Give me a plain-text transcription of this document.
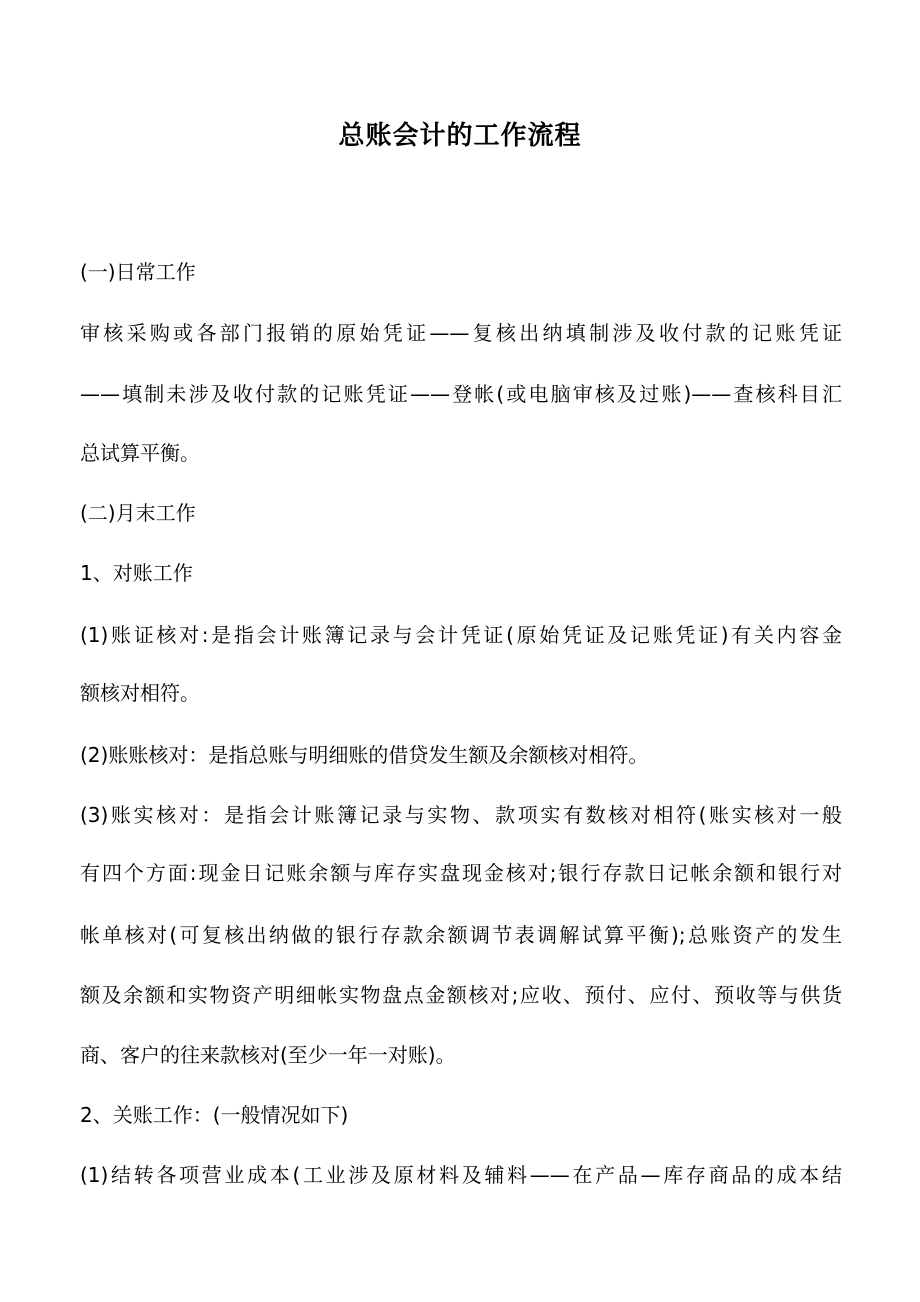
总账会计的工作流程
(一)日常工作
审核采购或各部门报销的原始凭证——复核出纳填制涉及收付款的记账凭证
——填制未涉及收付款的记账凭证——登帐(或电脑审核及过账)——查核科目汇
总试算平衡。
(二)月末工作
1、对账工作
(1)账证核对:是指会计账簿记录与会计凭证(原始凭证及记账凭证)有关内容金
额核对相符。
(2)账账核对：是指总账与明细账的借贷发生额及余额核对相符。
(3)账实核对：是指会计账簿记录与实物、款项实有数核对相符(账实核对一般
有四个方面:现金日记账余额与库存实盘现金核对;银行存款日记帐余额和银行对
帐单核对(可复核出纳做的银行存款余额调节表调解试算平衡);总账资产的发生
额及余额和实物资产明细帐实物盘点金额核对;应收、预付、应付、预收等与供货
商、客户的往来款核对(至少一年一对账)。
2、关账工作：(一般情况如下)
(1)结转各项营业成本(工业涉及原材料及辅料——在产品—库存商品的成本结
